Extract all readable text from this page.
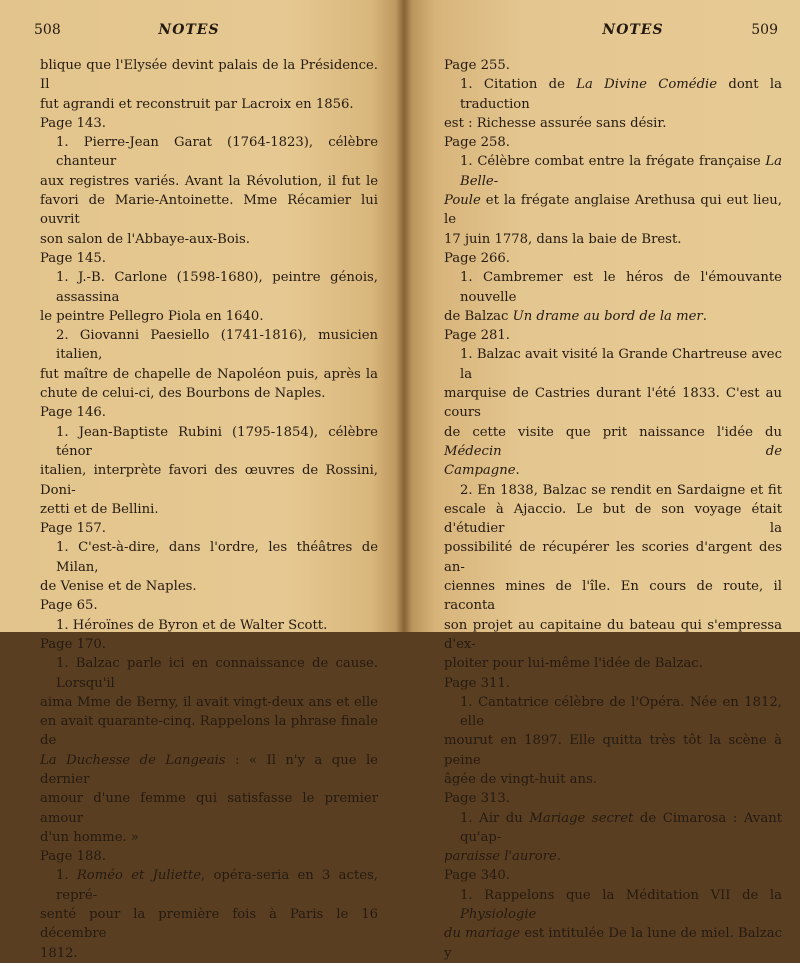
508	NOTES
blique que l'Elysée devint palais de la Présidence. Il
fut agrandi et reconstruit par Lacroix en 1856.
Page 143.
1. Pierre-Jean Garat (1764-1823), célèbre chanteur
aux registres variés. Avant la Révolution, il fut le
favori de Marie-Antoinette. Mme Récamier lui ouvrit
son salon de l'Abbaye-aux-Bois.
Page 145.
1. J.-B. Carlone (1598-1680), peintre génois, assassina
le peintre Pellegro Piola en 1640.
2. Giovanni Paesiello (1741-1816), musicien italien,
fut maître de chapelle de Napoléon puis, après la
chute de celui-ci, des Bourbons de Naples.
Page 146.
1. Jean-Baptiste Rubini (1795-1854), célèbre ténor
italien, interprète favori des œuvres de Rossini, Doni-
zetti et de Bellini.
Page 157.
1. C'est-à-dire, dans l'ordre, les théâtres de Milan,
de Venise et de Naples.
Page 65.
1. Héroïnes de Byron et de Walter Scott.
Page 170.
1. Balzac parle ici en connaissance de cause. Lorsqu'il
aima Mme de Berny, il avait vingt-deux ans et elle
en avait quarante-cinq. Rappelons la phrase finale de
La Duchesse de Langeais : « Il n'y a que le dernier
amour d'une femme qui satisfasse le premier amour
d'un homme. »
Page 188.
1. Roméo et Juliette, opéra-seria en 3 actes, repré-
senté pour la première fois à Paris le 16 décembre
1812.
NOTES	509
Page 255.
1. Citation de La Divine Comédie dont la traduction
est : Richesse assurée sans désir.
Page 258.
1. Célèbre combat entre la frégate française La Belle-
Poule et la frégate anglaise Arethusa qui eut lieu, le
17 juin 1778, dans la baie de Brest.
Page 266.
1. Cambremer est le héros de l'émouvante nouvelle
de Balzac Un drame au bord de la mer.
Page 281.
1. Balzac avait visité la Grande Chartreuse avec la
marquise de Castries durant l'été 1833. C'est au cours
de cette visite que prit naissance l'idée du Médecin de
Campagne.
2. En 1838, Balzac se rendit en Sardaigne et fit
escale à Ajaccio. Le but de son voyage était d'étudier la
possibilité de récupérer les scories d'argent des an-
ciennes mines de l'île. En cours de route, il raconta
son projet au capitaine du bateau qui s'empressa d'ex-
ploiter pour lui-même l'idée de Balzac.
Page 311.
1. Cantatrice célèbre de l'Opéra. Née en 1812, elle
mourut en 1897. Elle quitta très tôt la scène à peine
âgée de vingt-huit ans.
Page 313.
1. Air du Mariage secret de Cimarosa : Avant qu'ap-
paraisse l'aurore.
Page 340.
1. Rappelons que la Méditation VII de la Physiologie
du mariage est intitulée De la lune de miel. Balzac y
